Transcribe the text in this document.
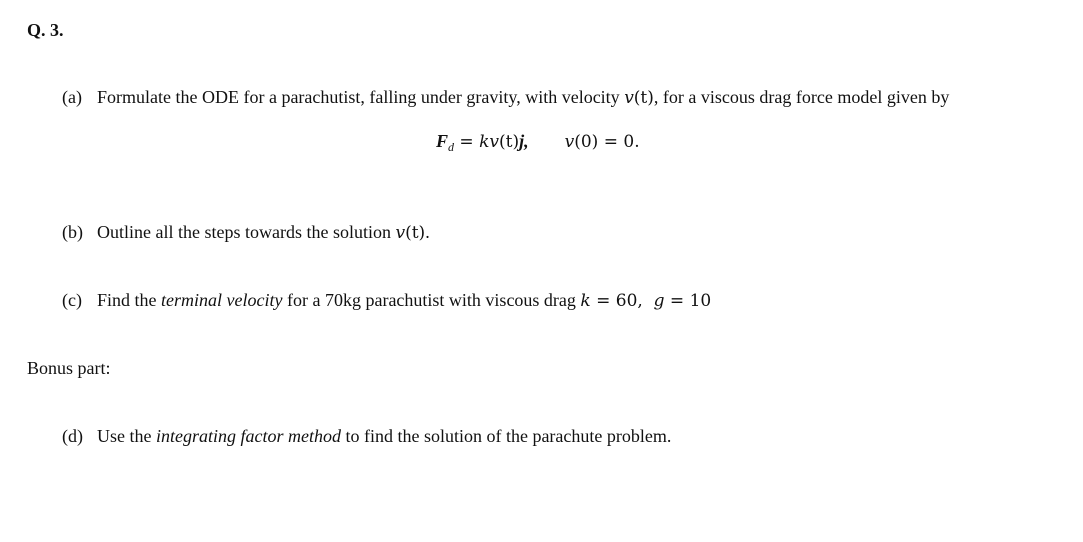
Q. 3.
(a) Formulate the ODE for a parachutist, falling under gravity, with velocity v(t), for a viscous drag force model given by
$F_d = kv(t)j$, v(0) = 0.
(b) Outline all the steps towards the solution v(t).
(c) Find the terminal velocity for a 70kg parachutist with viscous drag k = 60,  g = 10
Bonus part:
(d) Use the integrating factor method to find the solution of the parachute problem.
